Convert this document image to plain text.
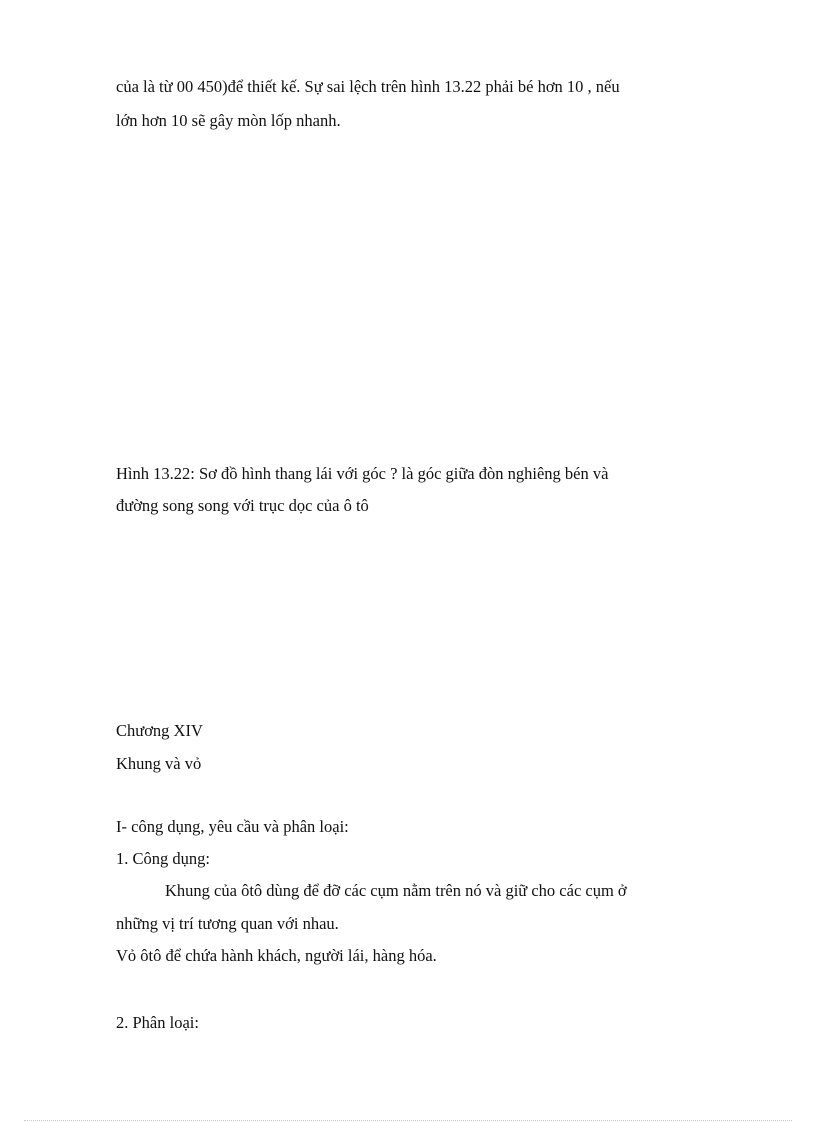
của là từ 00 450)để thiết kế. Sự sai lệch trên hình 13.22 phải bé hơn 10 , nếu
lớn hơn 10 sẽ gây mòn lốp nhanh.
Hình 13.22: Sơ đồ hình thang lái với góc ? là góc giữa đòn nghiêng bén và
đường song song với trục dọc của ô tô
Chương XIV
Khung và vỏ
I- công dụng, yêu cầu và phân loại:
1. Công dụng:
Khung của ôtô dùng để đỡ các cụm nằm trên nó và giữ cho các cụm ở
những vị trí tương quan với nhau.
Vỏ ôtô để chứa hành khách, người lái, hàng hóa.
2. Phân loại:
